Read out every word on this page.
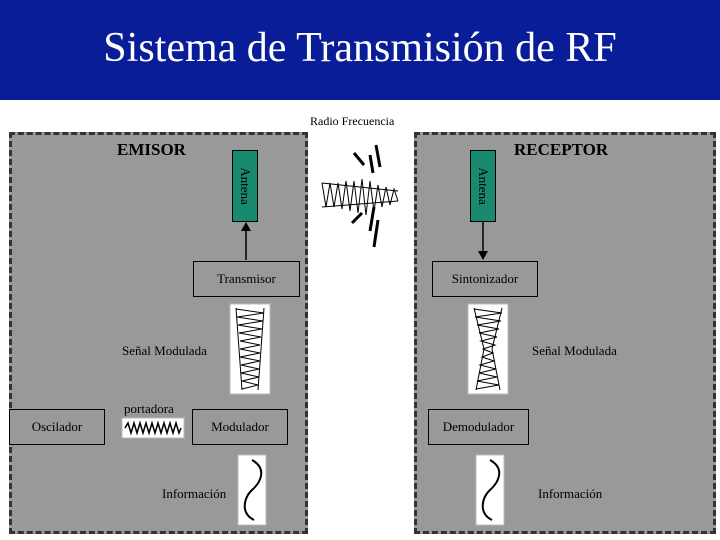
Sistema de Transmisión de RF
Radio Frecuencia
EMISOR
Antena
Transmisor
Señal Modulada
portadora
Oscilador	Modulador
Información
RECEPTOR
Antena
Sintonizador
Señal Modulada
Demodulador
Información
